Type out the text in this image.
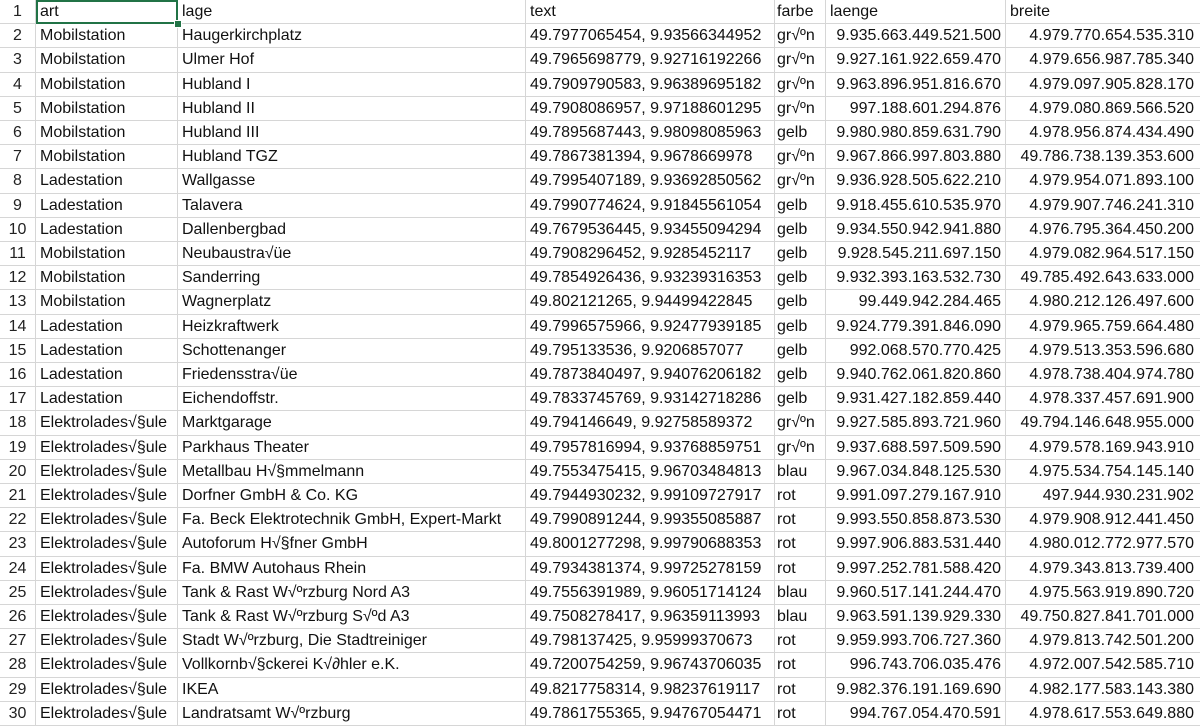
1	art	lage	text	farbe	laenge	breite
2	Mobilstation	Haugerkirchplatz	49.7977065454, 9.93566344952 gr√ºn	9.935.663.449.521.500	4.979.770.654.535.310
3	Mobilstation	Ulmer Hof	49.7965698779, 9.92716192266 gr√ºn	9.927.161.922.659.470	4.979.656.987.785.340
4	Mobilstation	Hubland I	49.7909790583, 9.96389695182 gr√ºn	9.963.896.951.816.670	4.979.097.905.828.170
5	Mobilstation	Hubland II	49.7908086957, 9.97188601295 gr√ºn	997.188.601.294.876	4.979.080.869.566.520
6	Mobilstation	Hubland III	49.7895687443, 9.98098085963 gelb	9.980.980.859.631.790	4.978.956.874.434.490
7	Mobilstation	Hubland TGZ	49.7867381394, 9.9678669978	gr√ºn	9.967.866.997.803.880	49.786.738.139.353.600
8	Ladestation	Wallgasse	49.7995407189, 9.93692850562 gr√ºn	9.936.928.505.622.210	4.979.954.071.893.100
9	Ladestation	Talavera	49.7990774624, 9.91845561054 gelb	9.918.455.610.535.970	4.979.907.746.241.310
10 Ladestation	Dallenbergbad	49.7679536445, 9.93455094294 gelb	9.934.550.942.941.880	4.976.795.364.450.200
11 Mobilstation	Neubaustra√üe	49.7908296452, 9.9285452117	gelb	9.928.545.211.697.150	4.979.082.964.517.150
12 Mobilstation	Sanderring	49.7854926436, 9.93239316353 gelb	9.932.393.163.532.730	49.785.492.643.633.000
13 Mobilstation	Wagnerplatz	49.802121265, 9.94499422845	gelb	99.449.942.284.465	4.980.212.126.497.600
14 Ladestation	Heizkraftwerk	49.7996575966, 9.92477939185 gelb	9.924.779.391.846.090	4.979.965.759.664.480
15 Ladestation	Schottenanger	49.795133536, 9.9206857077	gelb	992.068.570.770.425	4.979.513.353.596.680
16 Ladestation	Friedensstra√üe	49.7873840497, 9.94076206182 gelb	9.940.762.061.820.860	4.978.738.404.974.780
17 Ladestation	Eichendoffstr.	49.7833745769, 9.93142718286 gelb	9.931.427.182.859.440	4.978.337.457.691.900
18 Elektrolades√§ule Marktgarage	49.794146649, 9.92758589372	gr√ºn	9.927.585.893.721.960	49.794.146.648.955.000
19 Elektrolades√§ule Parkhaus Theater	49.7957816994, 9.93768859751 gr√ºn	9.937.688.597.509.590	4.979.578.169.943.910
20 Elektrolades√§ule Metallbau H√§mmelmann	49.7553475415, 9.96703484813 blau	9.967.034.848.125.530	4.975.534.754.145.140
21 Elektrolades√§ule Dorfner GmbH & Co. KG	49.7944930232, 9.99109727917 rot	9.991.097.279.167.910	497.944.930.231.902
22 Elektrolades√§ule Fa. Beck Elektrotechnik GmbH, Expert-Markt	49.7990891244, 9.99355085887 rot	9.993.550.858.873.530	4.979.908.912.441.450
23 Elektrolades√§ule Autoforum H√§fner GmbH	49.8001277298, 9.99790688353 rot	9.997.906.883.531.440	4.980.012.772.977.570
24 Elektrolades√§ule Fa. BMW Autohaus Rhein	49.7934381374, 9.99725278159 rot	9.997.252.781.588.420	4.979.343.813.739.400
25 Elektrolades√§ule Tank & Rast W√ºrzburg Nord A3	49.7556391989, 9.96051714124 blau	9.960.517.141.244.470	4.975.563.919.890.720
26 Elektrolades√§ule Tank & Rast W√ºrzburg S√ºd A3	49.7508278417, 9.96359113993	blau	9.963.591.139.929.330	49.750.827.841.701.000
27 Elektrolades√§ule Stadt W√ºrzburg, Die Stadtreiniger	49.798137425, 9.95999370673	rot	9.959.993.706.727.360	4.979.813.742.501.200
28 Elektrolades√§ule Vollkornb√§ckerei K√∂hler e.K.	49.7200754259, 9.96743706035 rot	996.743.706.035.476	4.972.007.542.585.710
29 Elektrolades√§ule IKEA	49.8217758314, 9.98237619117	rot	9.982.376.191.169.690	4.982.177.583.143.380
30 Elektrolades√§ule Landratsamt W√ºrzburg	49.7861755365, 9.94767054471 rot	994.767.054.470.591	4.978.617.553.649.880
